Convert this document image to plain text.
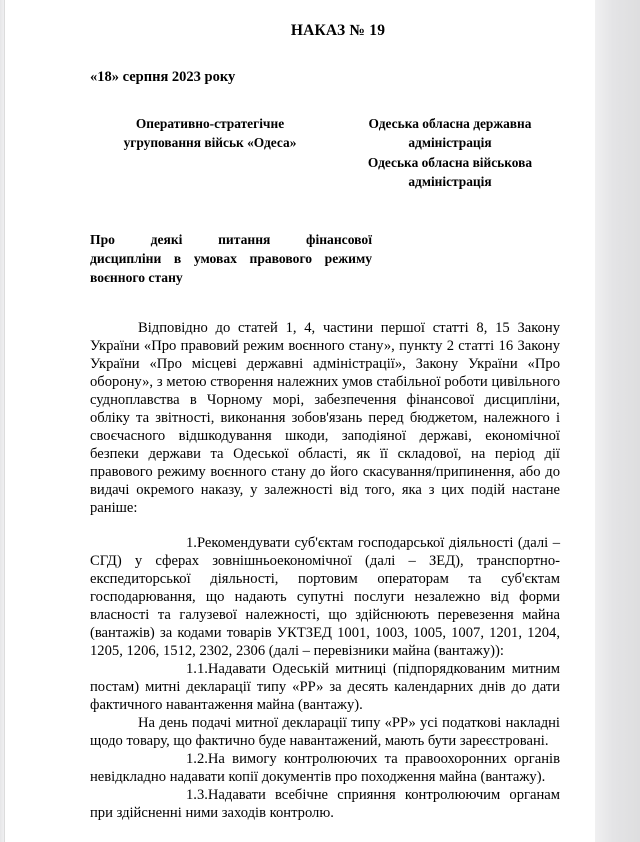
НАКАЗ № 19
«18» серпня 2023 року
Оперативно-стратегічне
угруповання військ «Одеса»
Одеська обласна державна
адміністрація
Одеська обласна військова
адміністрація
Про деякі питання фінансової
дисципліни в умовах правового режиму воєнного стану

Відповідно до статей 1, 4, частини першої статті 8, 15 Закону України «Про правовий режим воєнного стану», пункту 2 статті 16 Закону України «Про місцеві державні адміністрації», Закону України «Про оборону», з метою створення належних умов стабільної роботи цивільного судноплавства в Чорному морі, забезпечення фінансової дисципліни, обліку та звітності, виконання зобов'язань перед бюджетом, належного і своєчасного відшкодування шкоди, заподіяної державі, економічної безпеки держави та Одеської області, як її складової, на період дії правового режиму воєнного стану до його скасування/припинення, або до видачі окремого наказу, у залежності від того, яка з цих подій настане раніше:

1.Рекомендувати суб'єктам господарської діяльності (далі – СГД) у сферах зовнішньоекономічної (далі – ЗЕД), транспортно-експедиторської діяльності, портовим операторам та суб'єктам господарювання, що надають супутні послуги незалежно від форми власності та галузевої належності, що здійснюють перевезення майна (вантажів) за кодами товарів УКТЗЕД 1001, 1003, 1005, 1007, 1201, 1204, 1205, 1206, 1512, 2302, 2306 (далі – перевізники майна (вантажу)):

1.1.Надавати Одеській митниці (підпорядкованим митним постам) митні декларації типу «РР» за десять календарних днів до дати фактичного навантаження майна (вантажу).

На день подачі митної декларації типу «РР» усі податкові накладні щодо товару, що фактично буде навантажений, мають бути зареєстровані.

1.2.На вимогу контролюючих та правоохоронних органів невідкладно надавати копії документів про походження майна (вантажу).

1.3.Надавати всебічне сприяння контролюючим органам при здійсненні ними заходів контролю.
